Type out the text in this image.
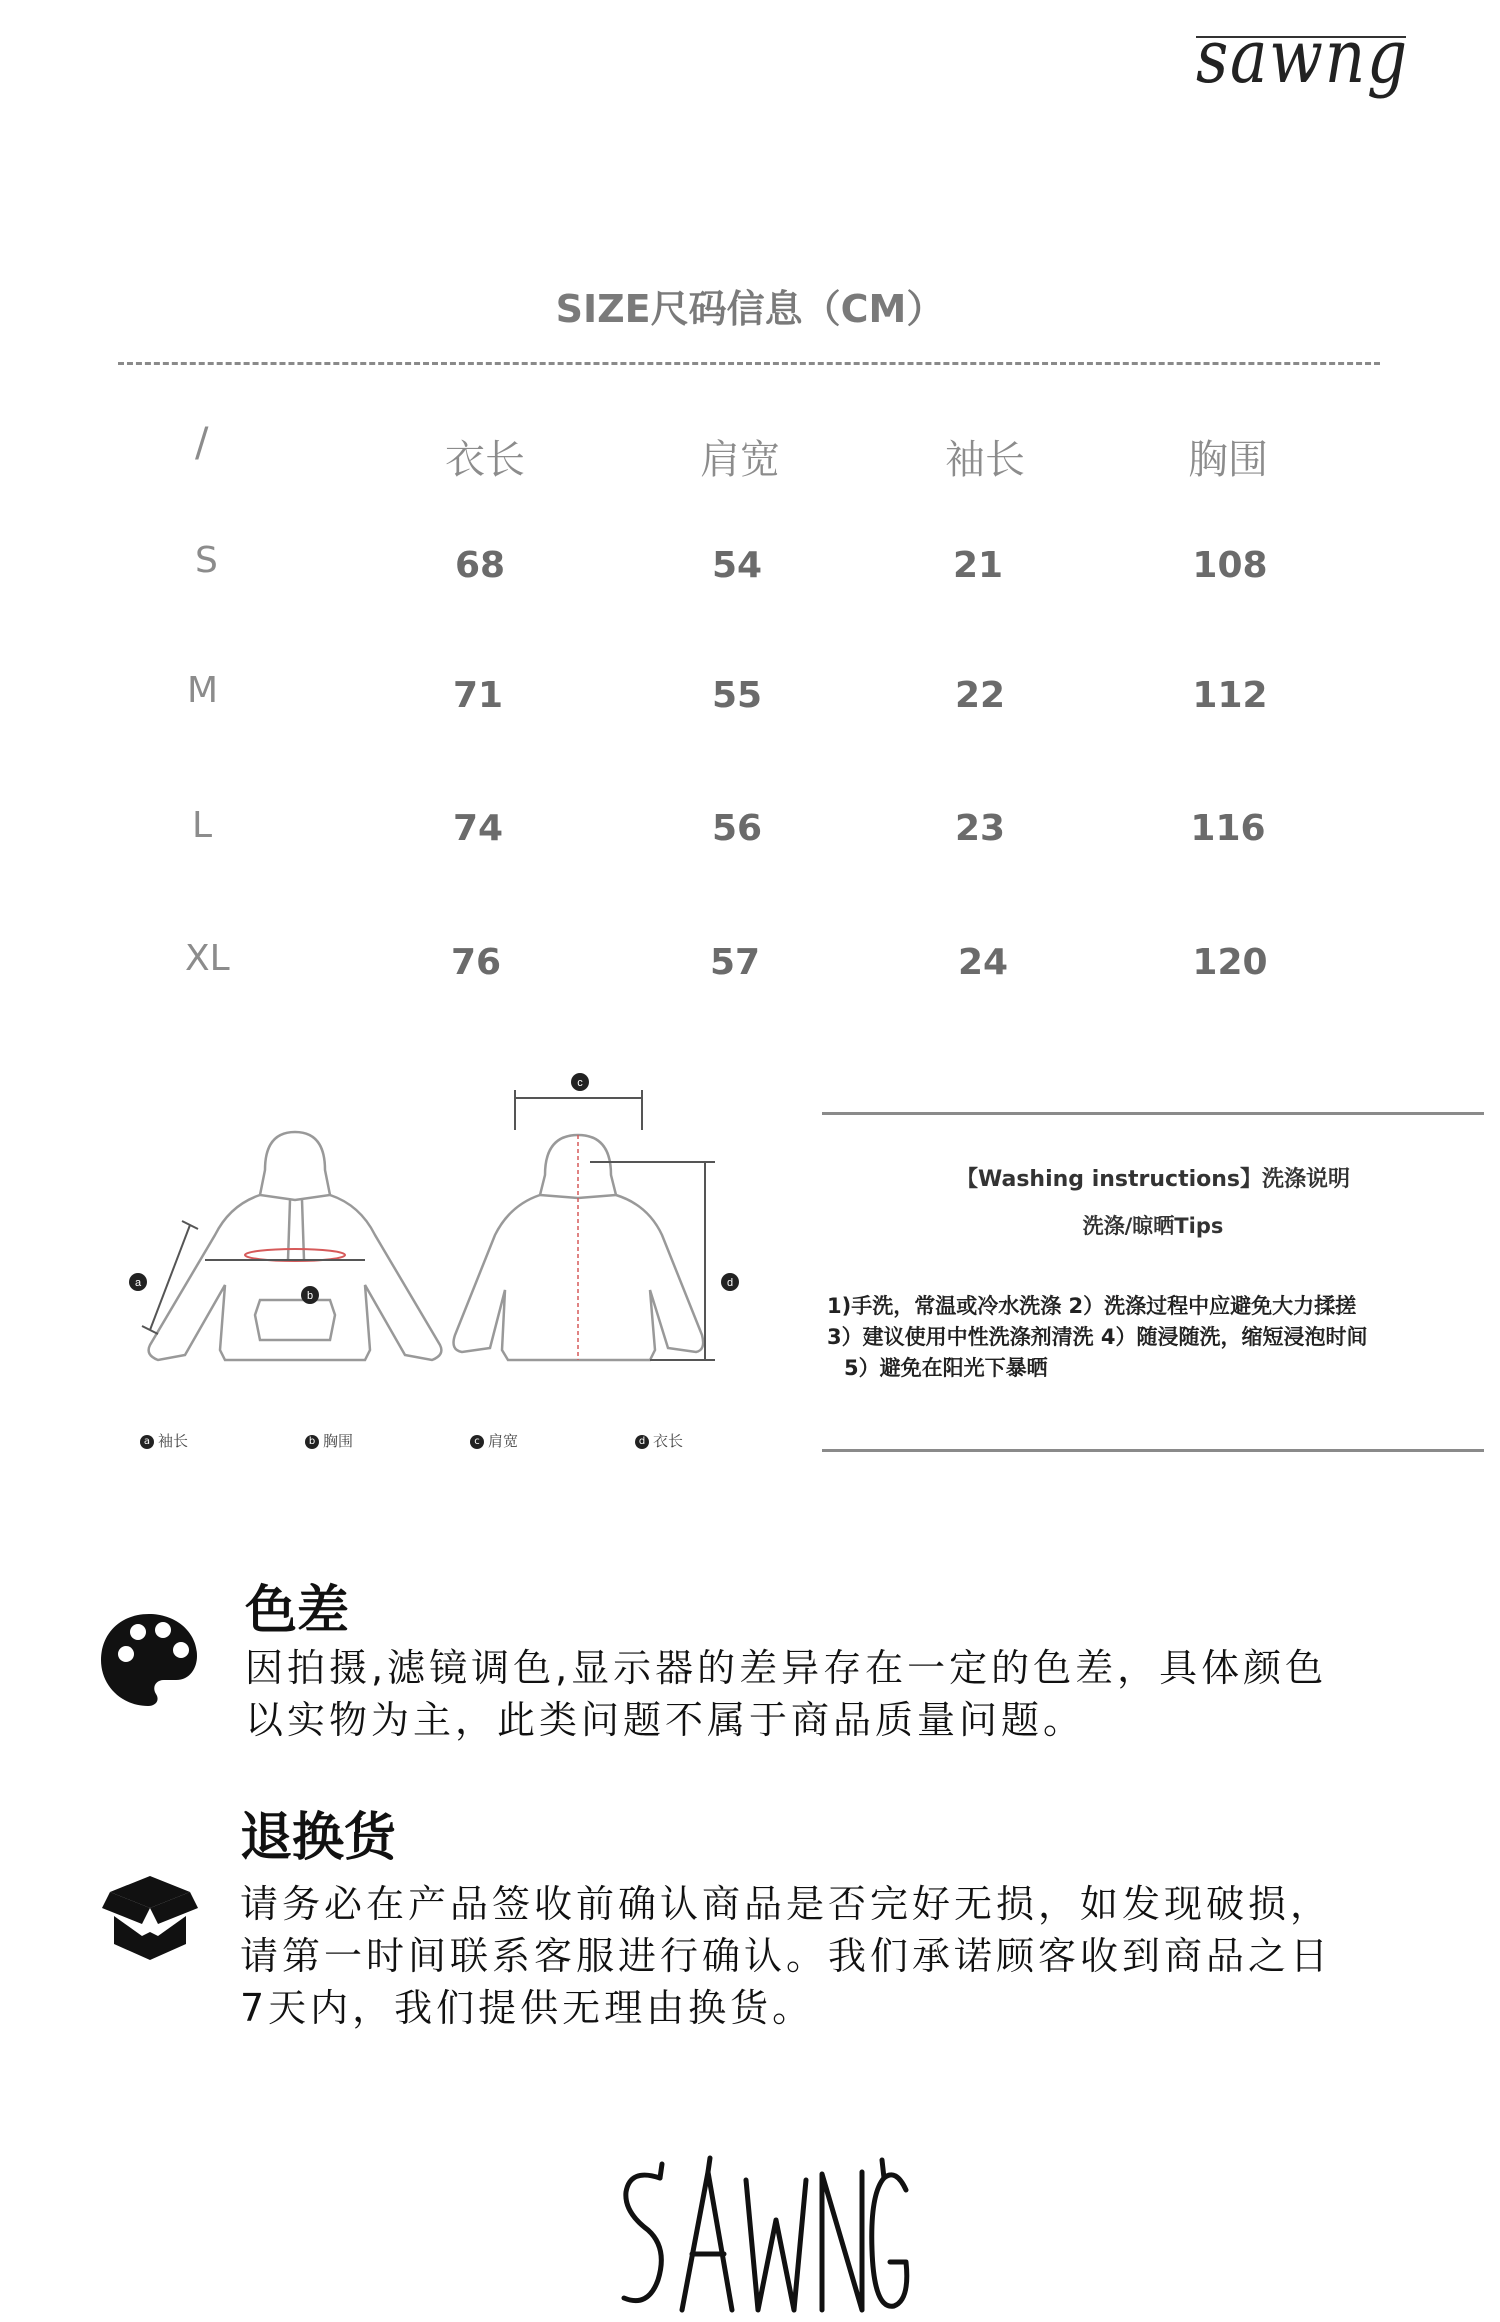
sawng
SIZE尺码信息（CM）
/	衣长	肩宽	袖长	胸围
S	68	54	21	108
M	71	55	22	112
L	74	56	23	116
XL	76	57	24	120
a
b
c
d
a 袖长	b 胸围	c 肩宽	d 衣长
【Washing instructions】洗涤说明
洗涤/晾晒Tips
1)手洗，常温或冷水洗涤 2）洗涤过程中应避免大力揉搓
3）建议使用中性洗涤剂清洗 4）随浸随洗，缩短浸泡时间
5）避免在阳光下暴晒
色差
因拍摄,滤镜调色,显示器的差异存在一定的色差，具体颜色
以实物为主，此类问题不属于商品质量问题。
退换货
请务必在产品签收前确认商品是否完好无损，如发现破损，
请第一时间联系客服进行确认。我们承诺顾客收到商品之日
7天内，我们提供无理由换货。
